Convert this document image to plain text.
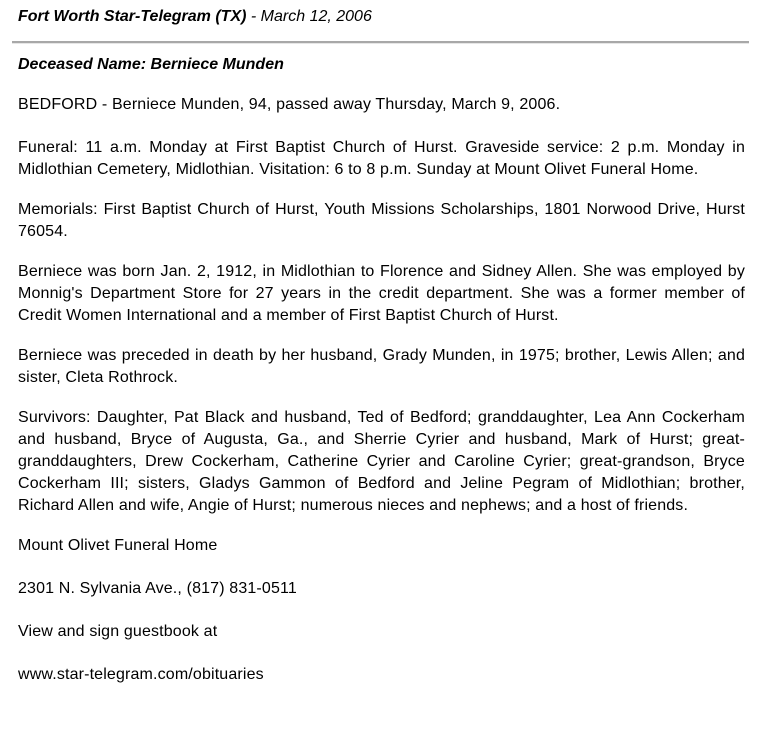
Fort Worth Star-Telegram (TX) - March 12, 2006
Deceased Name: Berniece Munden

BEDFORD - Berniece Munden, 94, passed away Thursday, March 9, 2006.

Funeral: 11 a.m. Monday at First Baptist Church of Hurst. Graveside service: 2 p.m. Monday in Midlothian Cemetery, Midlothian. Visitation: 6 to 8 p.m. Sunday at Mount Olivet Funeral Home.

Memorials: First Baptist Church of Hurst, Youth Missions Scholarships, 1801 Norwood Drive, Hurst 76054.

Berniece was born Jan. 2, 1912, in Midlothian to Florence and Sidney Allen. She was employed by Monnig's Department Store for 27 years in the credit department. She was a former member of Credit Women International and a member of First Baptist Church of Hurst.

Berniece was preceded in death by her husband, Grady Munden, in 1975; brother, Lewis Allen; and sister, Cleta Rothrock.

Survivors: Daughter, Pat Black and husband, Ted of Bedford; granddaughter, Lea Ann Cockerham and husband, Bryce of Augusta, Ga., and Sherrie Cyrier and husband, Mark of Hurst; great-granddaughters, Drew Cockerham, Catherine Cyrier and Caroline Cyrier; great-grandson, Bryce Cockerham III; sisters, Gladys Gammon of Bedford and Jeline Pegram of Midlothian; brother, Richard Allen and wife, Angie of Hurst; numerous nieces and nephews; and a host of friends.

Mount Olivet Funeral Home

2301 N. Sylvania Ave., (817) 831-0511

View and sign guestbook at

www.star-telegram.com/obituaries
